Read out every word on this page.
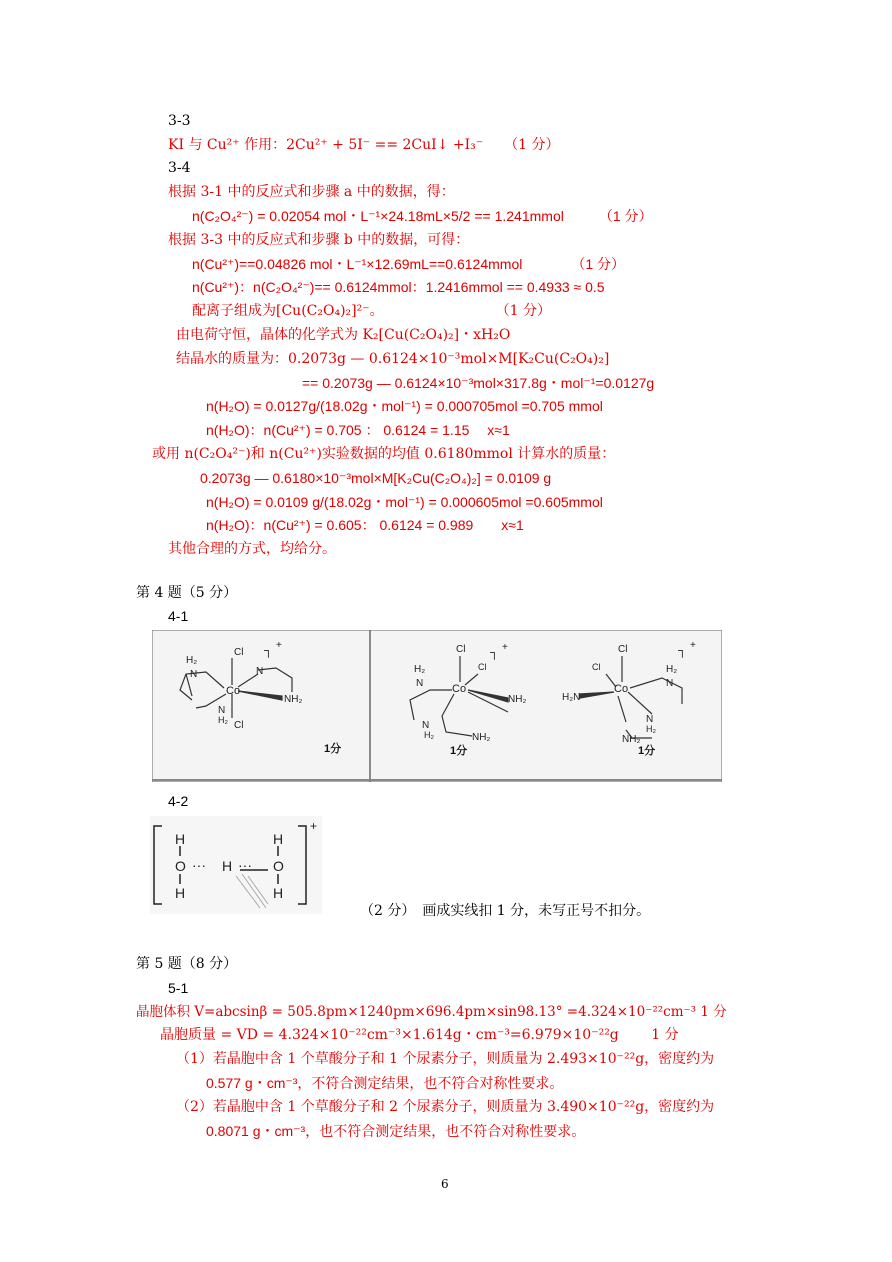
3-3
KI 与 Cu²⁺ 作用：2Cu²⁺ + 5I⁻ == 2CuI↓ +I₃⁻　　（1 分）
3-4
根据 3-1 中的反应式和步骤 a 中的数据，得：
n(C₂O₄²⁻) = 0.02054 mol・L⁻¹×24.18mL×5/2 == 1.241mmol　　　（1 分）
根据 3-3 中的反应式和步骤 b 中的数据，可得：
n(Cu²⁺)==0.04826 mol・L⁻¹×12.69mL==0.6124mmol　　　　（1 分）
n(Cu²⁺)：n(C₂O₄²⁻)== 0.6124mmol：1.2416mmol == 0.4933 ≈ 0.5
配离子组成为[Cu(C₂O₄)₂]²⁻。　　　　　　　　　（1 分）
由电荷守恒，晶体的化学式为 K₂[Cu(C₂O₄)₂]・xH₂O
结晶水的质量为：0.2073g — 0.6124×10⁻³mol×M[K₂Cu(C₂O₄)₂]
== 0.2073g — 0.6124×10⁻³mol×317.8g・mol⁻¹=0.0127g
n(H₂O) = 0.0127g/(18.02g・mol⁻¹) = 0.000705mol =0.705 mmol
n(H₂O)：n(Cu²⁺) = 0.705 ： 0.6124 = 1.15　 x≈1
或用 n(C₂O₄²⁻)和 n(Cu²⁺)实验数据的均值 0.6180mmol 计算水的质量：
0.2073g — 0.6180×10⁻³mol×M[K₂Cu(C₂O₄)₂] = 0.0109 g
n(H₂O) = 0.0109 g/(18.02g・mol⁻¹) = 0.000605mol =0.605mmol
n(H₂O)：n(Cu²⁺) = 0.605： 0.6124 = 0.989　　x≈1
其他合理的方式，均给分。
第 4 题（5 分）
4-1
Co
Cl
Cl
H₂
N
N
H₂
N
NH₂
┐ +
1分
Co
Cl
Cl
H₂
N
N
H₂
NH₂
NH₂
┐ +
1分
Co
Cl
Cl
H₂N
H₂
N
N
H₂
NH₂
┐ +
1分
4-2
H
O
H
··· H ···
H
O
H
+
（2 分）　画成实线扣 1 分，未写正号不扣分。
第 5 题（8 分）
5-1
晶胞体积 V=abcsinβ = 505.8pm×1240pm×696.4pm×sin98.13° =4.324×10⁻²²cm⁻³ 1 分
晶胞质量 = VD = 4.324×10⁻²²cm⁻³×1.614g・cm⁻³=6.979×10⁻²²g　　 1 分
（1）若晶胞中含 1 个草酸分子和 1 个尿素分子，则质量为 2.493×10⁻²²g，密度约为
0.577 g・cm⁻³，不符合测定结果，也不符合对称性要求。
（2）若晶胞中含 1 个草酸分子和 2 个尿素分子，则质量为 3.490×10⁻²²g，密度约为
0.8071 g・cm⁻³，也不符合测定结果，也不符合对称性要求。
6
